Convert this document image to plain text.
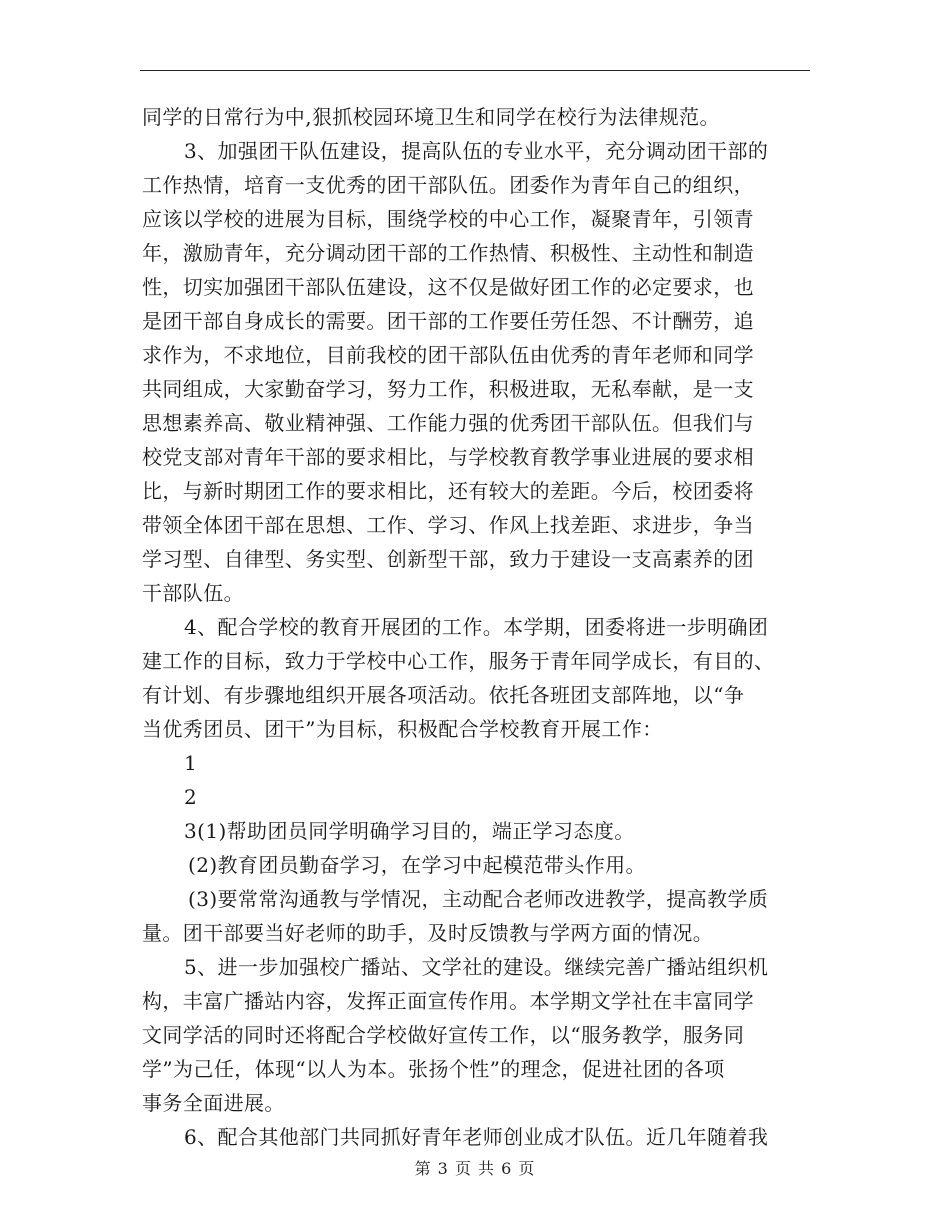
同学的日常行为中,狠抓校园环境卫生和同学在校行为法律规范。
3、加强团干队伍建设，提高队伍的专业水平，充分调动团干部的
工作热情，培育一支优秀的团干部队伍。团委作为青年自己的组织，
应该以学校的进展为目标，围绕学校的中心工作，凝聚青年，引领青
年，激励青年，充分调动团干部的工作热情、积极性、主动性和制造
性，切实加强团干部队伍建设，这不仅是做好团工作的必定要求，也
是团干部自身成长的需要。团干部的工作要任劳任怨、不计酬劳，追
求作为，不求地位，目前我校的团干部队伍由优秀的青年老师和同学
共同组成，大家勤奋学习，努力工作，积极进取，无私奉献，是一支
思想素养高、敬业精神强、工作能力强的优秀团干部队伍。但我们与
校党支部对青年干部的要求相比，与学校教育教学事业进展的要求相
比，与新时期团工作的要求相比，还有较大的差距。今后，校团委将
带领全体团干部在思想、工作、学习、作风上找差距、求进步，争当
学习型、自律型、务实型、创新型干部，致力于建设一支高素养的团
干部队伍。
4、配合学校的教育开展团的工作。本学期，团委将进一步明确团
建工作的目标，致力于学校中心工作，服务于青年同学成长，有目的、
有计划、有步骤地组织开展各项活动。依托各班团支部阵地，以“争
当优秀团员、团干”为目标，积极配合学校教育开展工作：
1
2
3(1)帮助团员同学明确学习目的，端正学习态度。
(2)教育团员勤奋学习，在学习中起模范带头作用。
(3)要常常沟通教与学情况，主动配合老师改进教学，提高教学质
量。团干部要当好老师的助手，及时反馈教与学两方面的情况。
5、进一步加强校广播站、文学社的建设。继续完善广播站组织机
构，丰富广播站内容，发挥正面宣传作用。本学期文学社在丰富同学
文同学活的同时还将配合学校做好宣传工作，以“服务教学，服务同
学”为己任，体现“以人为本。张扬个性”的理念，促进社团的各项
事务全面进展。
6、配合其他部门共同抓好青年老师创业成才队伍。近几年随着我
第 3 页 共 6 页
